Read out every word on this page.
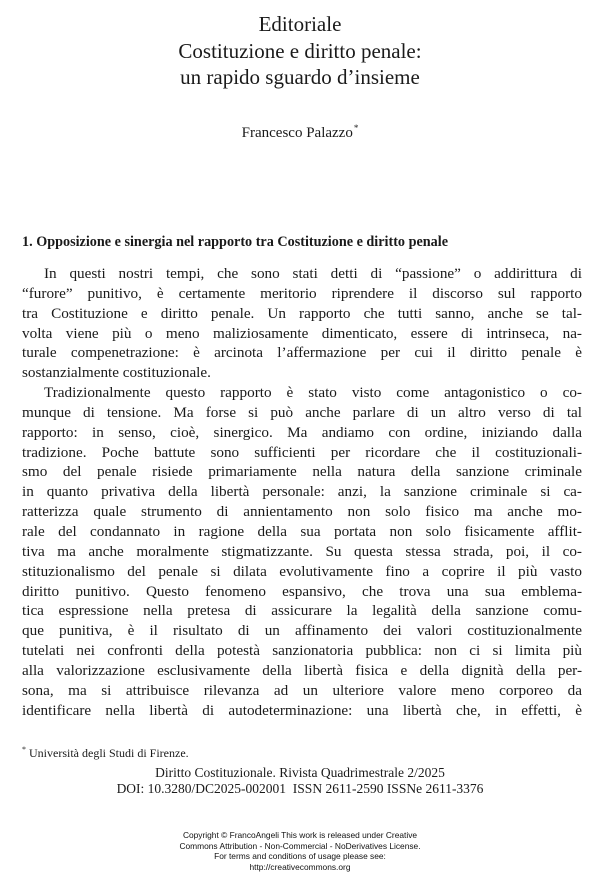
Editoriale
Costituzione e diritto penale:
un rapido sguardo d’insieme
Francesco Palazzo*
1. Opposizione e sinergia nel rapporto tra Costituzione e diritto penale
In questi nostri tempi, che sono stati detti di “passione” o addirittura di
“furore” punitivo, è certamente meritorio riprendere il discorso sul rapporto
tra Costituzione e diritto penale. Un rapporto che tutti sanno, anche se tal-
volta viene più o meno maliziosamente dimenticato, essere di intrinseca, na-
turale compenetrazione: è arcinota l’affermazione per cui il diritto penale è
sostanzialmente costituzionale.
Tradizionalmente questo rapporto è stato visto come antagonistico o co-
munque di tensione. Ma forse si può anche parlare di un altro verso di tal
rapporto: in senso, cioè, sinergico. Ma andiamo con ordine, iniziando dalla
tradizione. Poche battute sono sufficienti per ricordare che il costituzionali-
smo del penale risiede primariamente nella natura della sanzione criminale
in quanto privativa della libertà personale: anzi, la sanzione criminale si ca-
ratterizza quale strumento di annientamento non solo fisico ma anche mo-
rale del condannato in ragione della sua portata non solo fisicamente afflit-
tiva ma anche moralmente stigmatizzante. Su questa stessa strada, poi, il co-
stituzionalismo del penale si dilata evolutivamente fino a coprire il più vasto
diritto punitivo. Questo fenomeno espansivo, che trova una sua emblema-
tica espressione nella pretesa di assicurare la legalità della sanzione comu-
que punitiva, è il risultato di un affinamento dei valori costituzionalmente
tutelati nei confronti della potestà sanzionatoria pubblica: non ci si limita più
alla valorizzazione esclusivamente della libertà fisica e della dignità della per-
sona, ma si attribuisce rilevanza ad un ulteriore valore meno corporeo da
identificare nella libertà di autodeterminazione: una libertà che, in effetti, è
* Università degli Studi di Firenze.
Diritto Costituzionale. Rivista Quadrimestrale 2/2025
DOI: 10.3280/DC2025-002001  ISSN 2611-2590 ISSNe 2611-3376
Copyright © FrancoAngeli This work is released under Creative
Commons Attribution - Non-Commercial - NoDerivatives License.
For terms and conditions of usage please see:
http://creativecommons.org
